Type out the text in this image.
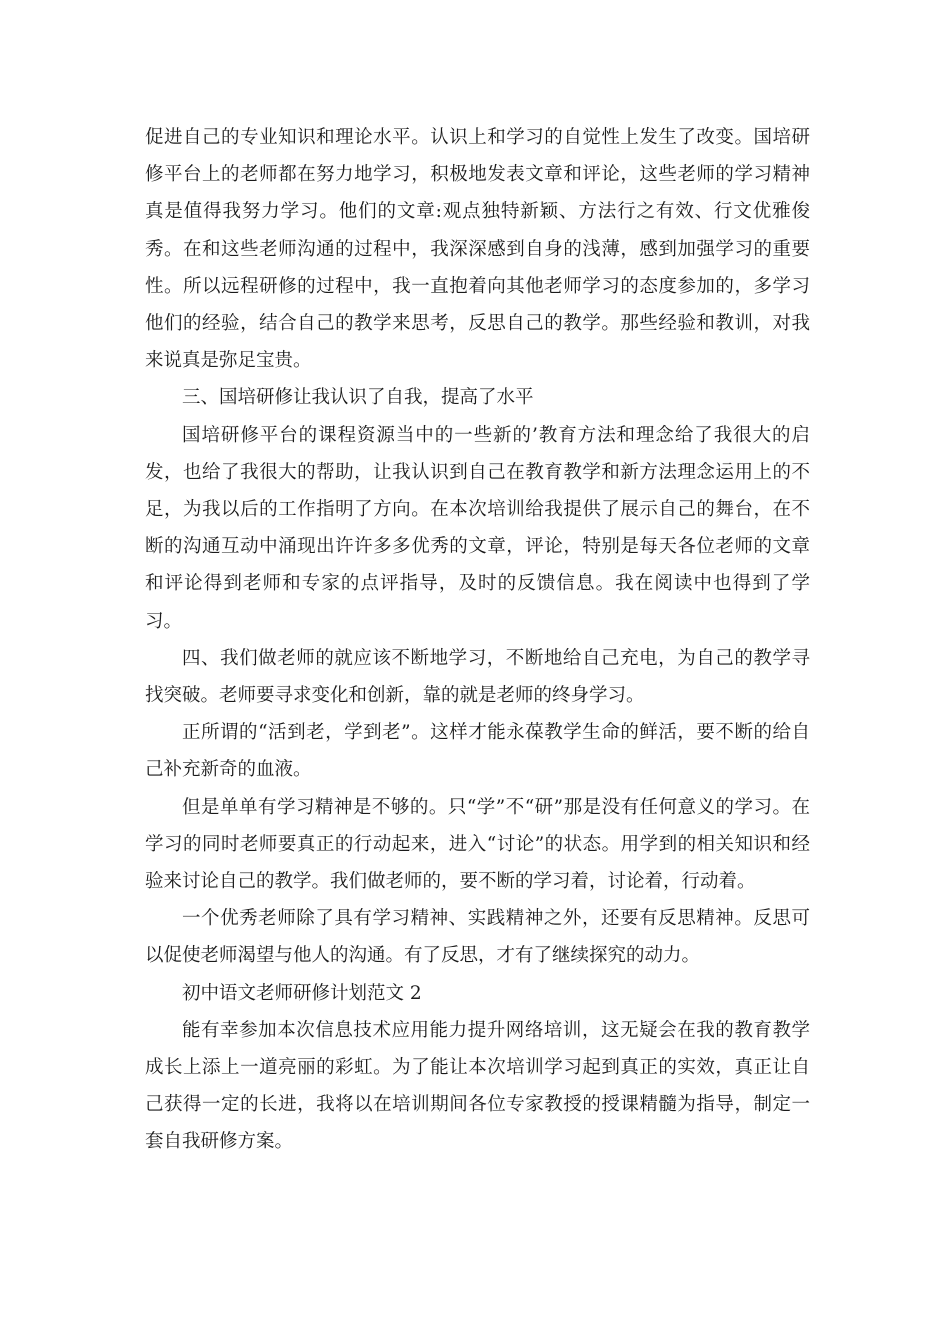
促进自己的专业知识和理论水平。认识上和学习的自觉性上发生了改变。国培研修平台上的老师都在努力地学习，积极地发表文章和评论，这些老师的学习精神真是值得我努力学习。他们的文章:观点独特新颖、方法行之有效、行文优雅俊秀。在和这些老师沟通的过程中，我深深感到自身的浅薄，感到加强学习的重要性。所以远程研修的过程中，我一直抱着向其他老师学习的态度参加的，多学习他们的经验，结合自己的教学来思考，反思自己的教学。那些经验和教训，对我来说真是弥足宝贵。

三、国培研修让我认识了自我，提高了水平

国培研修平台的课程资源当中的一些新的’教育方法和理念给了我很大的启发，也给了我很大的帮助，让我认识到自己在教育教学和新方法理念运用上的不足，为我以后的工作指明了方向。在本次培训给我提供了展示自己的舞台，在不断的沟通互动中涌现出许许多多优秀的文章，评论，特别是每天各位老师的文章和评论得到老师和专家的点评指导，及时的反馈信息。我在阅读中也得到了学习。

四、我们做老师的就应该不断地学习，不断地给自己充电，为自己的教学寻找突破。老师要寻求变化和创新，靠的就是老师的终身学习。

正所谓的“活到老，学到老”。这样才能永葆教学生命的鲜活，要不断的给自己补充新奇的血液。

但是单单有学习精神是不够的。只“学”不“研”那是没有任何意义的学习。在学习的同时老师要真正的行动起来，进入“讨论”的状态。用学到的相关知识和经验来讨论自己的教学。我们做老师的，要不断的学习着，讨论着，行动着。

一个优秀老师除了具有学习精神、实践精神之外，还要有反思精神。反思可以促使老师渴望与他人的沟通。有了反思，才有了继续探究的动力。

初中语文老师研修计划范文 2

能有幸参加本次信息技术应用能力提升网络培训，这无疑会在我的教育教学成长上添上一道亮丽的彩虹。为了能让本次培训学习起到真正的实效，真正让自己获得一定的长进，我将以在培训期间各位专家教授的授课精髓为指导，制定一套自我研修方案。
